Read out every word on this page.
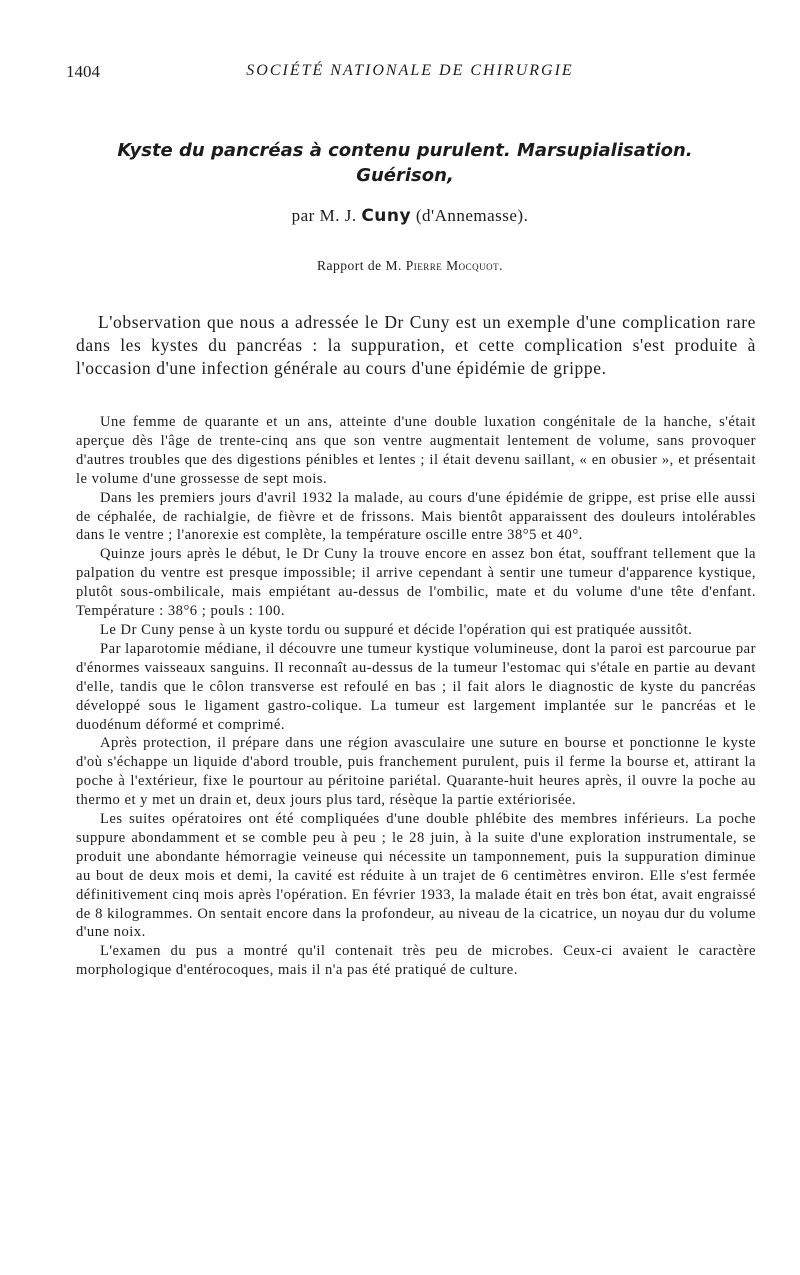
1404	SOCIÉTÉ NATIONALE DE CHIRURGIE
Kyste du pancréas à contenu purulent. Marsupialisation.
Guérison,
par M. J. Cuny (d'Annemasse).
Rapport de M. Pierre Mocquot.

L'observation que nous a adressée le Dr Cuny est un exemple d'une complication rare dans les kystes du pancréas : la suppuration, et cette complication s'est produite à l'occasion d'une infection générale au cours d'une épidémie de grippe.

Une femme de quarante et un ans, atteinte d'une double luxation congénitale de la hanche, s'était aperçue dès l'âge de trente-cinq ans que son ventre augmentait lentement de volume, sans provoquer d'autres troubles que des digestions pénibles et lentes ; il était devenu saillant, « en obusier », et présentait le volume d'une grossesse de sept mois.

Dans les premiers jours d'avril 1932 la malade, au cours d'une épidémie de grippe, est prise elle aussi de céphalée, de rachialgie, de fièvre et de frissons. Mais bientôt apparaissent des douleurs intolérables dans le ventre ; l'anorexie est complète, la température oscille entre 38°5 et 40°.

Quinze jours après le début, le Dr Cuny la trouve encore en assez bon état, souffrant tellement que la palpation du ventre est presque impossible; il arrive cependant à sentir une tumeur d'apparence kystique, plutôt sous-ombilicale, mais empiétant au-dessus de l'ombilic, mate et du volume d'une tête d'enfant. Température : 38°6 ; pouls : 100.

Le Dr Cuny pense à un kyste tordu ou suppuré et décide l'opération qui est pratiquée aussitôt.

Par laparotomie médiane, il découvre une tumeur kystique volumineuse, dont la paroi est parcourue par d'énormes vaisseaux sanguins. Il reconnaît au-dessus de la tumeur l'estomac qui s'étale en partie au devant d'elle, tandis que le côlon transverse est refoulé en bas ; il fait alors le diagnostic de kyste du pancréas développé sous le ligament gastro-colique. La tumeur est largement implantée sur le pancréas et le duodénum déformé et comprimé.

Après protection, il prépare dans une région avasculaire une suture en bourse et ponctionne le kyste d'où s'échappe un liquide d'abord trouble, puis franchement purulent, puis il ferme la bourse et, attirant la poche à l'extérieur, fixe le pourtour au péritoine pariétal. Quarante-huit heures après, il ouvre la poche au thermo et y met un drain et, deux jours plus tard, résèque la partie extériorisée.

Les suites opératoires ont été compliquées d'une double phlébite des membres inférieurs. La poche suppure abondamment et se comble peu à peu ; le 28 juin, à la suite d'une exploration instrumentale, se produit une abondante hémorragie veineuse qui nécessite un tamponnement, puis la suppuration diminue au bout de deux mois et demi, la cavité est réduite à un trajet de 6 centimètres environ. Elle s'est fermée définitivement cinq mois après l'opération. En février 1933, la malade était en très bon état, avait engraissé de 8 kilogrammes. On sentait encore dans la profondeur, au niveau de la cicatrice, un noyau dur du volume d'une noix.

L'examen du pus a montré qu'il contenait très peu de microbes. Ceux-ci avaient le caractère morphologique d'entérocoques, mais il n'a pas été pratiqué de culture.
